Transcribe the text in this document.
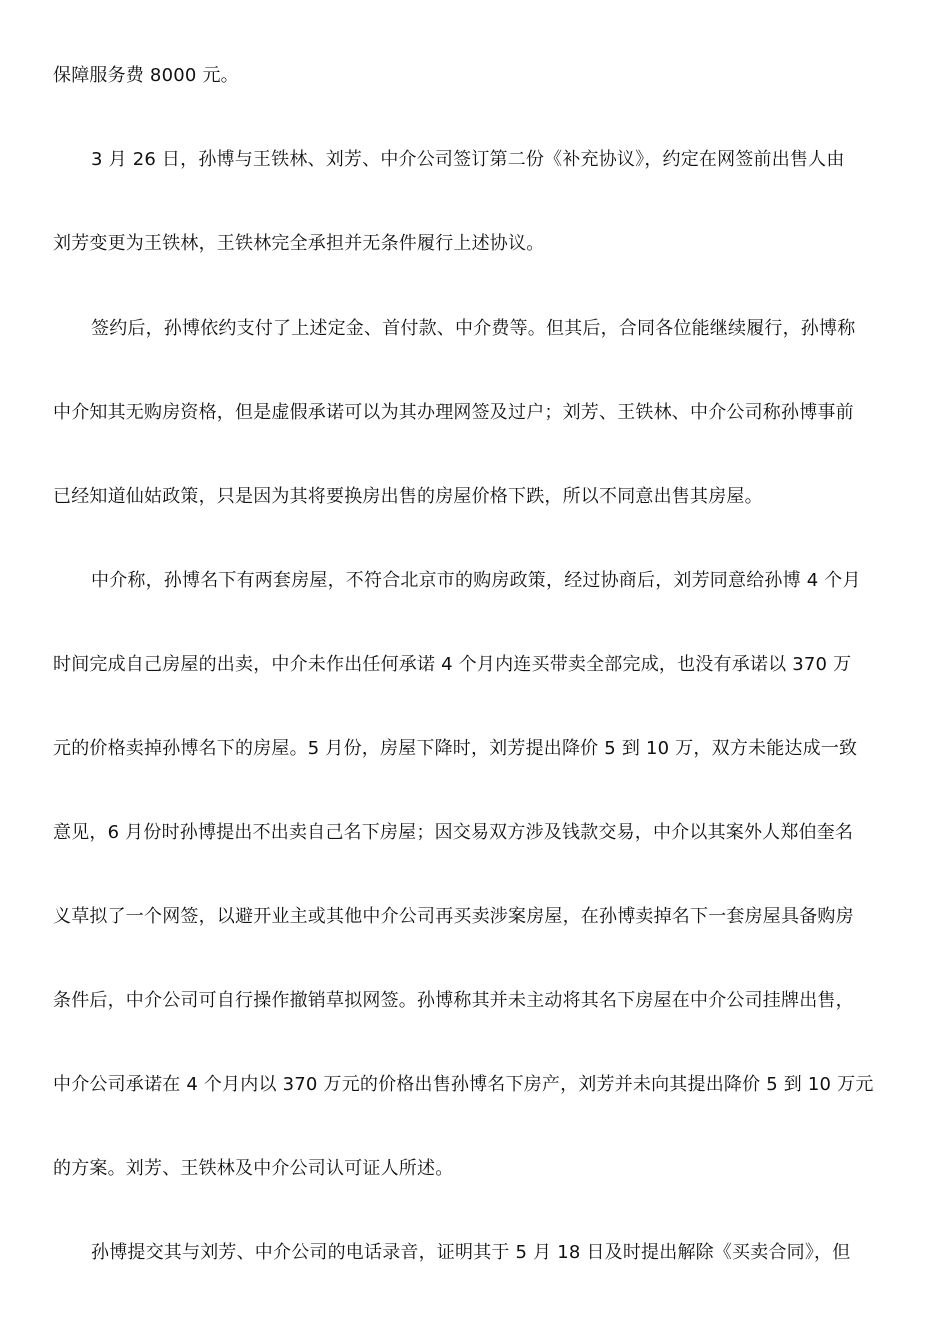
保障服务费 8000 元。
3 月 26 日，孙博与王铁林、刘芳、中介公司签订第二份《补充协议》，约定在网签前出售人由
刘芳变更为王铁林，王铁林完全承担并无条件履行上述协议。
签约后，孙博依约支付了上述定金、首付款、中介费等。但其后，合同各位能继续履行，孙博称
中介知其无购房资格，但是虚假承诺可以为其办理网签及过户；刘芳、王铁林、中介公司称孙博事前
已经知道仙姑政策，只是因为其将要换房出售的房屋价格下跌，所以不同意出售其房屋。
中介称，孙博名下有两套房屋，不符合北京市的购房政策，经过协商后，刘芳同意给孙博 4 个月
时间完成自己房屋的出卖，中介未作出任何承诺 4 个月内连买带卖全部完成，也没有承诺以 370 万
元的价格卖掉孙博名下的房屋。5 月份，房屋下降时，刘芳提出降价 5 到 10 万，双方未能达成一致
意见，6 月份时孙博提出不出卖自己名下房屋；因交易双方涉及钱款交易，中介以其案外人郑伯奎名
义草拟了一个网签，以避开业主或其他中介公司再买卖涉案房屋，在孙博卖掉名下一套房屋具备购房
条件后，中介公司可自行操作撤销草拟网签。孙博称其并未主动将其名下房屋在中介公司挂牌出售，
中介公司承诺在 4 个月内以 370 万元的价格出售孙博名下房产，刘芳并未向其提出降价 5 到 10 万元
的方案。刘芳、王铁林及中介公司认可证人所述。
孙博提交其与刘芳、中介公司的电话录音，证明其于 5 月 18 日及时提出解除《买卖合同》，但
